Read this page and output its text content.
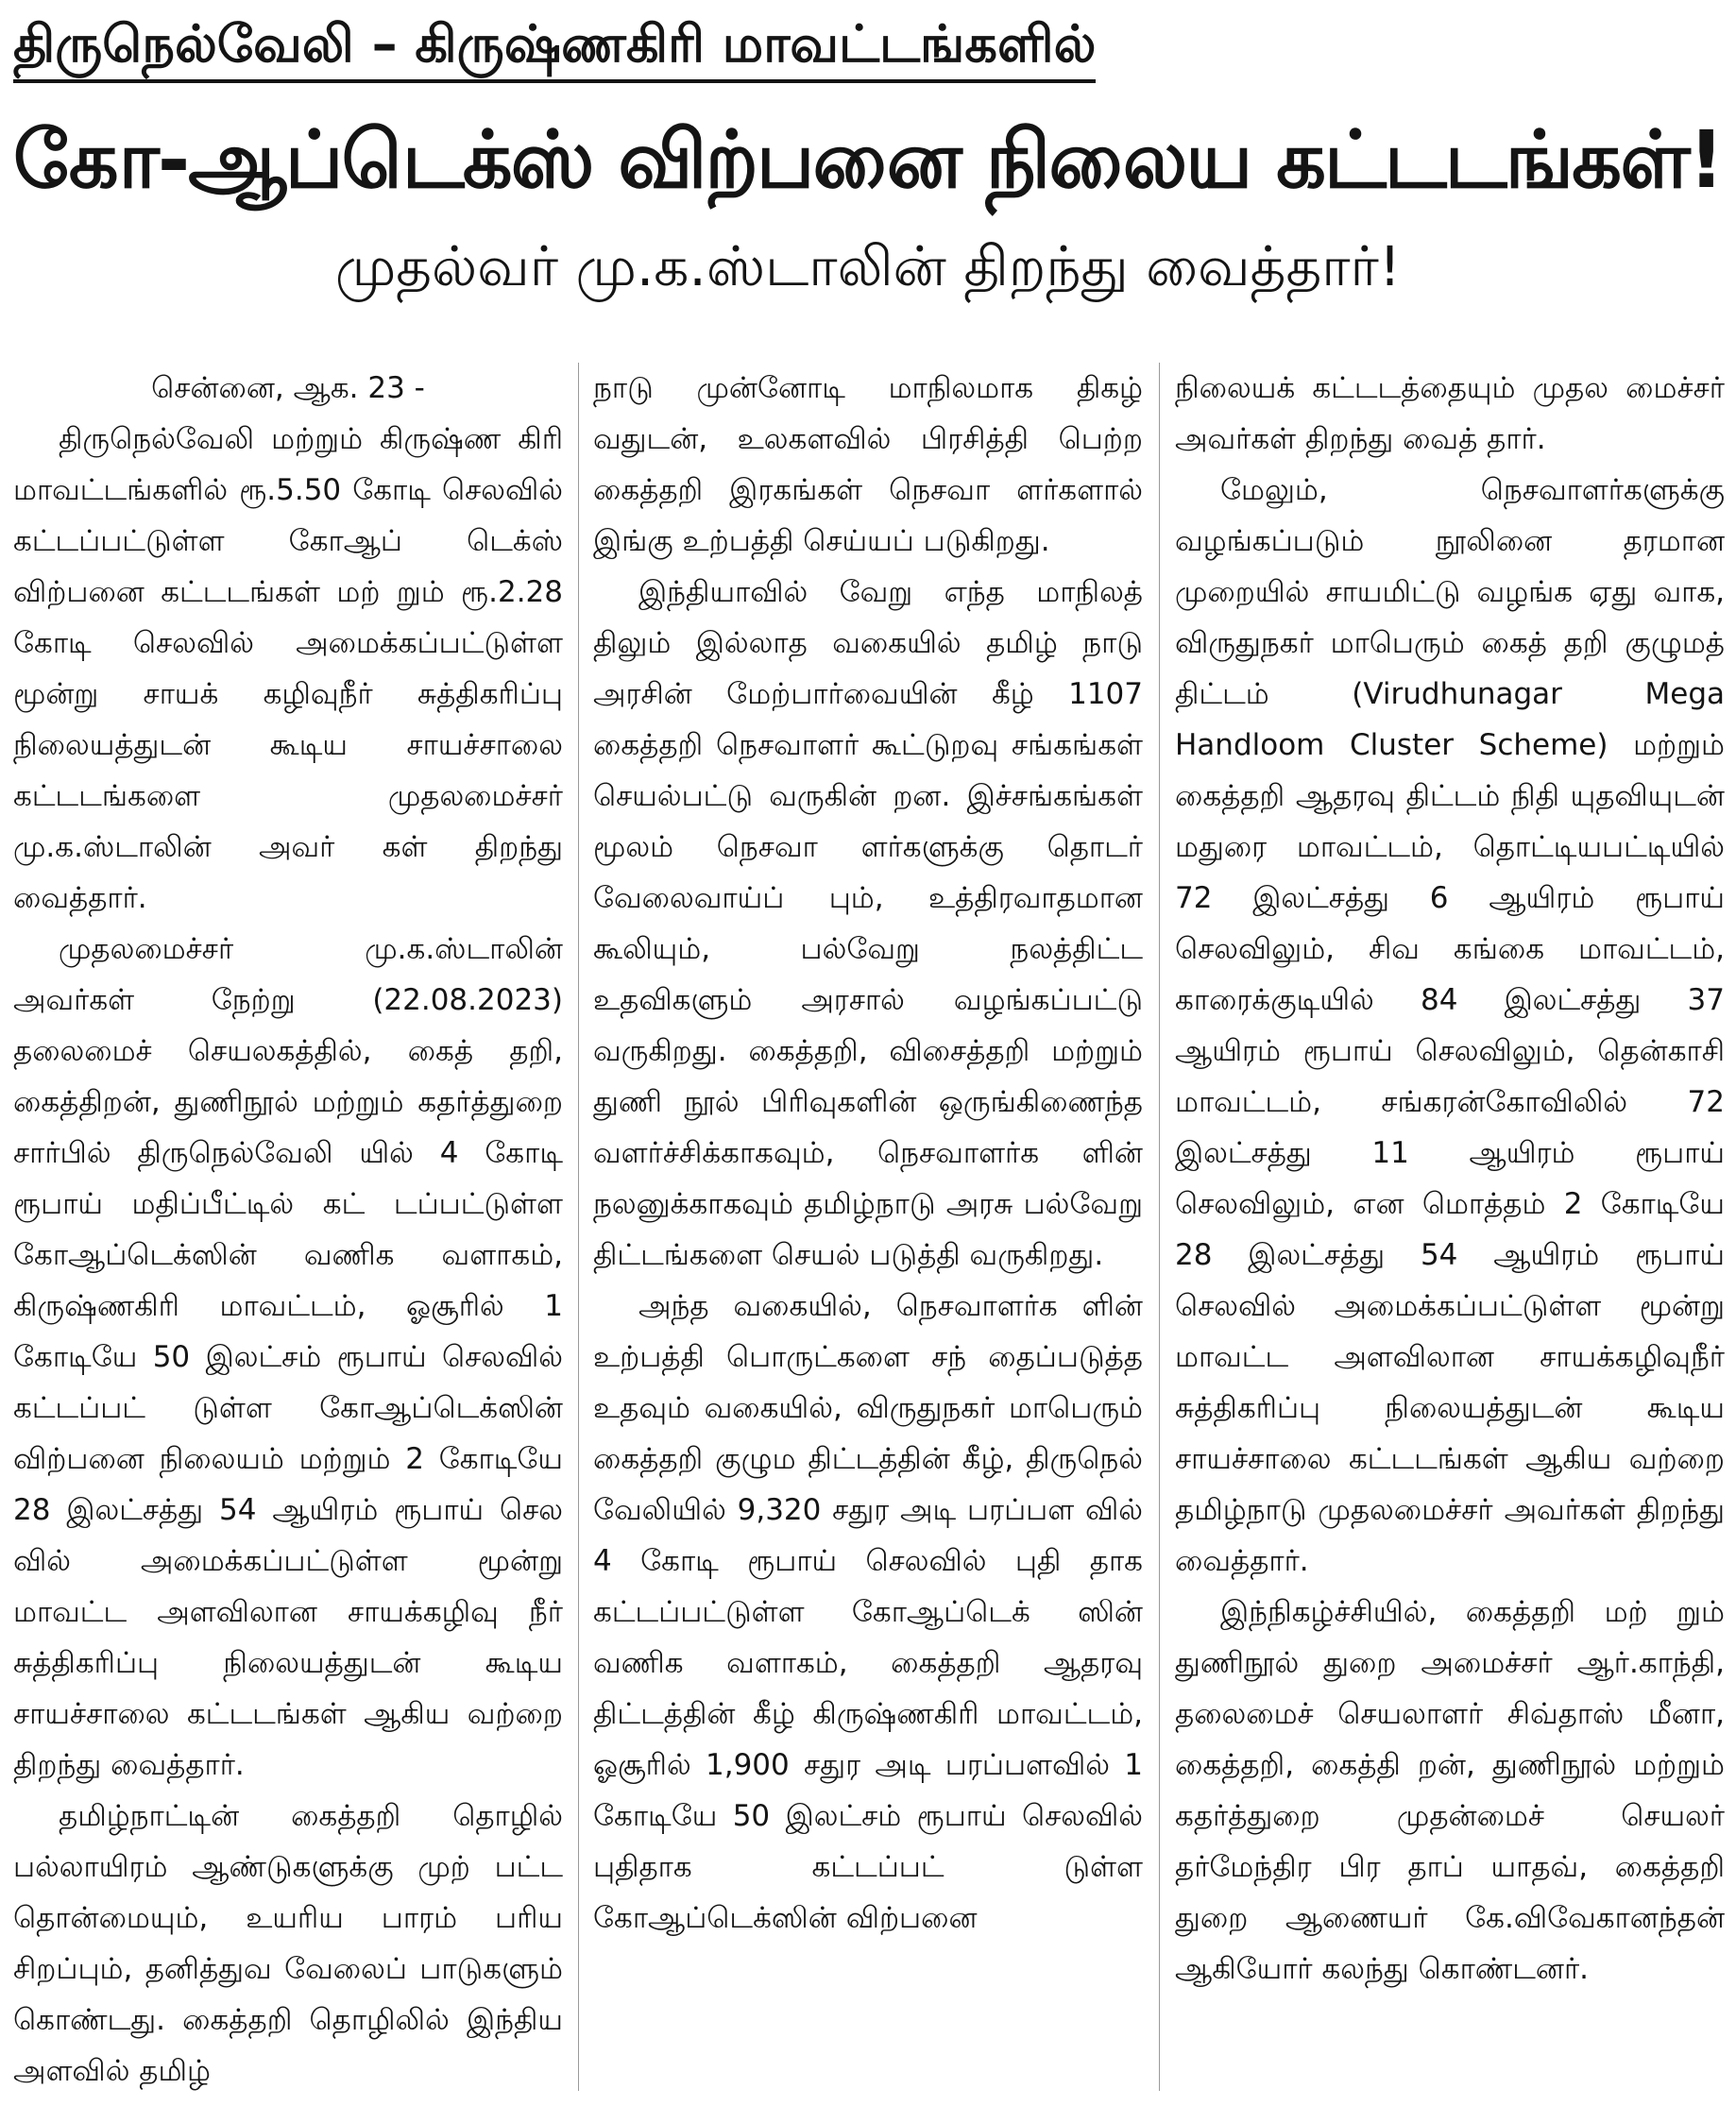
திருநெல்வேலி – கிருஷ்ணகிரி மாவட்டங்களில்
கோ-ஆப்டெக்ஸ் விற்பனை நிலைய கட்டடங்கள்!
முதல்வர் மு.க.ஸ்டாலின் திறந்து வைத்தார்!

சென்னை, ஆக. 23 -

திருநெல்வேலி மற்றும் கிருஷ்ண கிரி மாவட்டங்களில் ரூ.5.50 கோடி செலவில் கட்டப்பட்டுள்ள கோஆப் டெக்ஸ் விற்பனை கட்டடங்கள் மற் றும் ரூ.2.28 கோடி செலவில் அமைக்கப்பட்டுள்ள மூன்று சாயக் கழிவுநீர் சுத்திகரிப்பு நிலையத்துடன் கூடிய சாயச்சாலை கட்டடங்களை முதலமைச்சர் மு.க.ஸ்டாலின் அவர் கள் திறந்து வைத்தார்.

முதலமைச்சர் மு.க.ஸ்டாலின் அவர்கள் நேற்று (22.08.2023) தலைமைச் செயலகத்தில், கைத் தறி, கைத்திறன், துணிநூல் மற்றும் கதர்த்துறை சார்பில் திருநெல்வேலி யில் 4 கோடி ரூபாய் மதிப்பீட்டில் கட் டப்பட்டுள்ள கோஆப்டெக்ஸின் வணிக வளாகம், கிருஷ்ணகிரி மாவட்டம், ஓசூரில் 1 கோடியே 50 இலட்சம் ரூபாய் செலவில் கட்டப்பட் டுள்ள கோஆப்டெக்ஸின் விற்பனை நிலையம் மற்றும் 2 கோடியே 28 இலட்சத்து 54 ஆயிரம் ரூபாய் செல வில் அமைக்கப்பட்டுள்ள மூன்று மாவட்ட அளவிலான சாயக்கழிவு நீர் சுத்திகரிப்பு நிலையத்துடன் கூடிய சாயச்சாலை கட்டடங்கள் ஆகிய வற்றை திறந்து வைத்தார்.

தமிழ்நாட்டின் கைத்தறி தொழில் பல்லாயிரம் ஆண்டுகளுக்கு முற் பட்ட தொன்மையும், உயரிய பாரம் பரிய சிறப்பும், தனித்துவ வேலைப் பாடுகளும் கொண்டது. கைத்தறி தொழிலில் இந்திய அளவில் தமிழ்

நாடு முன்னோடி மாநிலமாக திகழ் வதுடன், உலகளவில் பிரசித்தி பெற்ற கைத்தறி இரகங்கள் நெசவா ளர்களால் இங்கு உற்பத்தி செய்யப் படுகிறது.

இந்தியாவில் வேறு எந்த மாநிலத் திலும் இல்லாத வகையில் தமிழ் நாடு அரசின் மேற்பார்வையின் கீழ் 1107 கைத்தறி நெசவாளர் கூட்டுறவு சங்கங்கள் செயல்பட்டு வருகின் றன. இச்சங்கங்கள் மூலம் நெசவா ளர்களுக்கு தொடர் வேலைவாய்ப் பும், உத்திரவாதமான கூலியும், பல்வேறு நலத்திட்ட உதவிகளும் அரசால் வழங்கப்பட்டு வருகிறது. கைத்தறி, விசைத்தறி மற்றும் துணி நூல் பிரிவுகளின் ஒருங்கிணைந்த வளர்ச்சிக்காகவும், நெசவாளர்க ளின் நலனுக்காகவும் தமிழ்நாடு அரசு பல்வேறு திட்டங்களை செயல் படுத்தி வருகிறது.

அந்த வகையில், நெசவாளர்க ளின் உற்பத்தி பொருட்களை சந் தைப்படுத்த உதவும் வகையில், விருதுநகர் மாபெரும் கைத்தறி குழும திட்டத்தின் கீழ், திருநெல் வேலியில் 9,320 சதுர அடி பரப்பள வில் 4 கோடி ரூபாய் செலவில் புதி தாக கட்டப்பட்டுள்ள கோஆப்டெக் ஸின் வணிக வளாகம், கைத்தறி ஆதரவு திட்டத்தின் கீழ் கிருஷ்ணகிரி மாவட்டம், ஓசூரில் 1,900 சதுர அடி பரப்பளவில் 1 கோடியே 50 இலட்சம் ரூபாய் செலவில் புதிதாக கட்டப்பட் டுள்ள கோஆப்டெக்ஸின் விற்பனை

நிலையக் கட்டடத்தையும் முதல மைச்சர் அவர்கள் திறந்து வைத் தார்.

மேலும், நெசவாளர்களுக்கு வழங்கப்படும் நூலினை தரமான முறையில் சாயமிட்டு வழங்க ஏது வாக, விருதுநகர் மாபெரும் கைத் தறி குழுமத் திட்டம் (Virudhunagar Mega Handloom Cluster Scheme) மற்றும் கைத்தறி ஆதரவு திட்டம் நிதி யுதவியுடன் மதுரை மாவட்டம், தொட்டியபட்டியில் 72 இலட்சத்து 6 ஆயிரம் ரூபாய் செலவிலும், சிவ கங்கை மாவட்டம், காரைக்குடியில் 84 இலட்சத்து 37 ஆயிரம் ரூபாய் செலவிலும், தென்காசி மாவட்டம், சங்கரன்கோவிலில் 72 இலட்சத்து 11 ஆயிரம் ரூபாய் செலவிலும், என மொத்தம் 2 கோடியே 28 இலட்சத்து 54 ஆயிரம் ரூபாய் செலவில் அமைக்கப்பட்டுள்ள மூன்று மாவட்ட அளவிலான சாயக்கழிவுநீர் சுத்திகரிப்பு நிலையத்துடன் கூடிய சாயச்சாலை கட்டடங்கள் ஆகிய வற்றை தமிழ்நாடு முதலமைச்சர் அவர்கள் திறந்து வைத்தார்.

இந்நிகழ்ச்சியில், கைத்தறி மற் றும் துணிநூல் துறை அமைச்சர் ஆர்.காந்தி, தலைமைச் செயலாளர் சிவ்தாஸ் மீனா, கைத்தறி, கைத்தி றன், துணிநூல் மற்றும் கதர்த்துறை முதன்மைச் செயலர் தர்மேந்திர பிர தாப் யாதவ், கைத்தறி துறை ஆணையர் கே.விவேகானந்தன் ஆகியோர் கலந்து கொண்டனர்.
